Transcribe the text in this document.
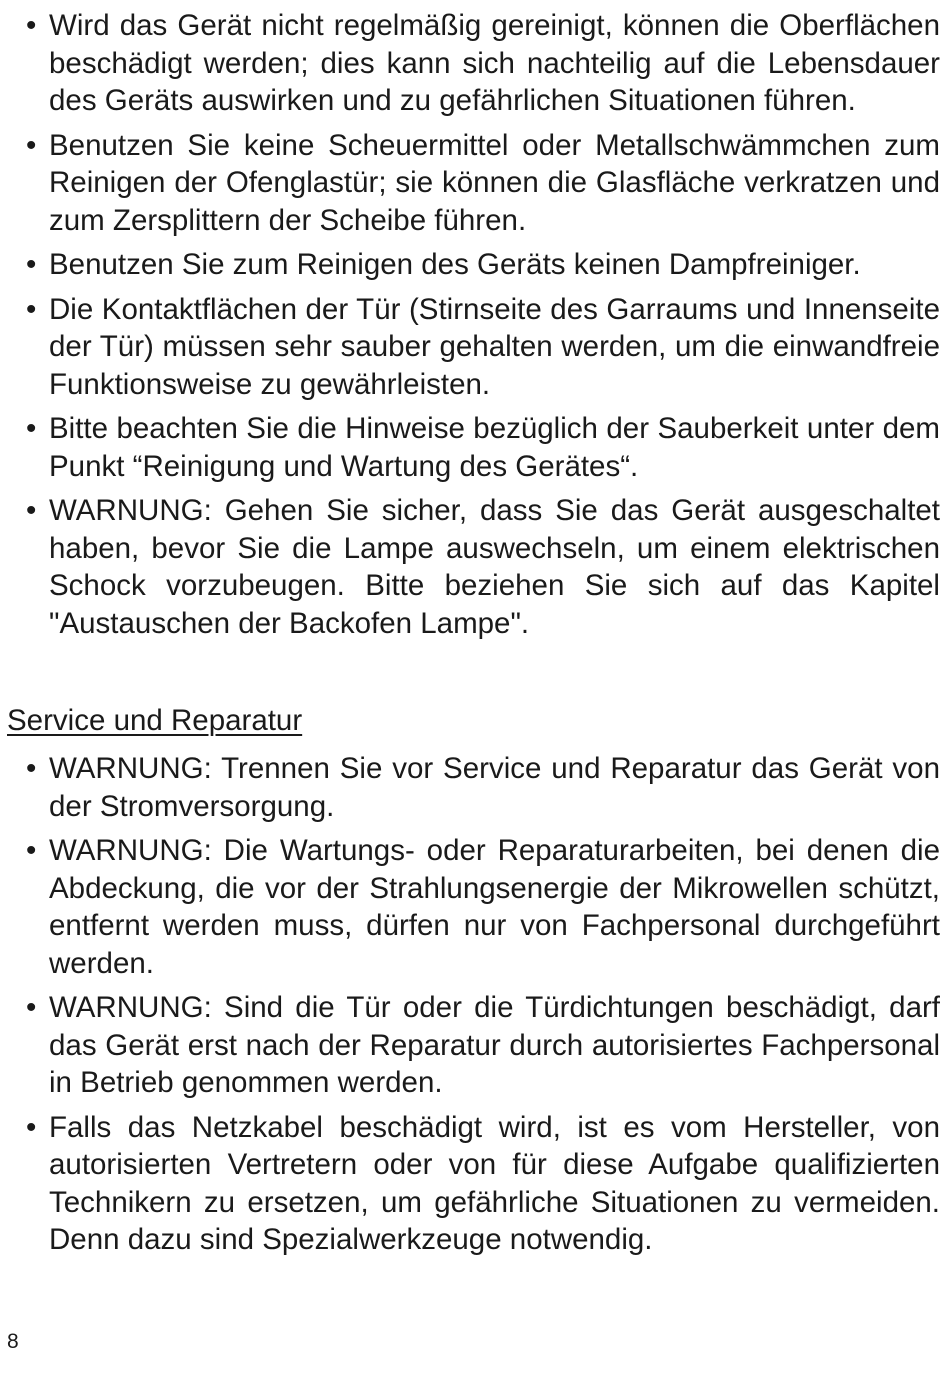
• Wird das Gerät nicht regelmäßig gereinigt, können die Oberflächen beschädigt werden; dies kann sich nachteilig auf die Lebensdauer des Geräts auswirken und zu gefährlichen Situationen führen.
• Benutzen Sie keine Scheuermittel oder Metallschwämmchen zum Reinigen der Ofenglastür; sie können die Glasfläche verkratzen und zum Zersplittern der Scheibe führen.
• Benutzen Sie zum Reinigen des Geräts keinen Dampfreiniger.
• Die Kontaktflächen der Tür (Stirnseite des Garraums und Innenseite der Tür) müssen sehr sauber gehalten werden, um die einwandfreie Funktionsweise zu gewährleisten.
• Bitte beachten Sie die Hinweise bezüglich der Sauberkeit unter dem Punkt “Reinigung und Wartung des Gerätes“.
• WARNUNG: Gehen Sie sicher, dass Sie das Gerät ausgeschaltet haben, bevor Sie die Lampe auswechseln, um einem elektrischen Schock vorzubeugen. Bitte beziehen Sie sich auf das Kapitel "Austauschen der Backofen Lampe".
Service und Reparatur
• WARNUNG: Trennen Sie vor Service und Reparatur das Gerät von der Stromversorgung.
• WARNUNG: Die Wartungs- oder Reparaturarbeiten, bei denen die Abdeckung, die vor der Strahlungsenergie der Mikrowellen schützt, entfernt werden muss, dürfen nur von Fachpersonal durchgeführt werden.
• WARNUNG: Sind die Tür oder die Türdichtungen beschädigt, darf das Gerät erst nach der Reparatur durch autorisiertes Fachpersonal in Betrieb genommen werden.
• Falls das Netzkabel beschädigt wird, ist es vom Hersteller, von autorisierten Vertretern oder von für diese Aufgabe qualifizierten Technikern zu ersetzen, um gefährliche Situationen zu vermeiden. Denn dazu sind Spezialwerkzeuge notwendig.
8
